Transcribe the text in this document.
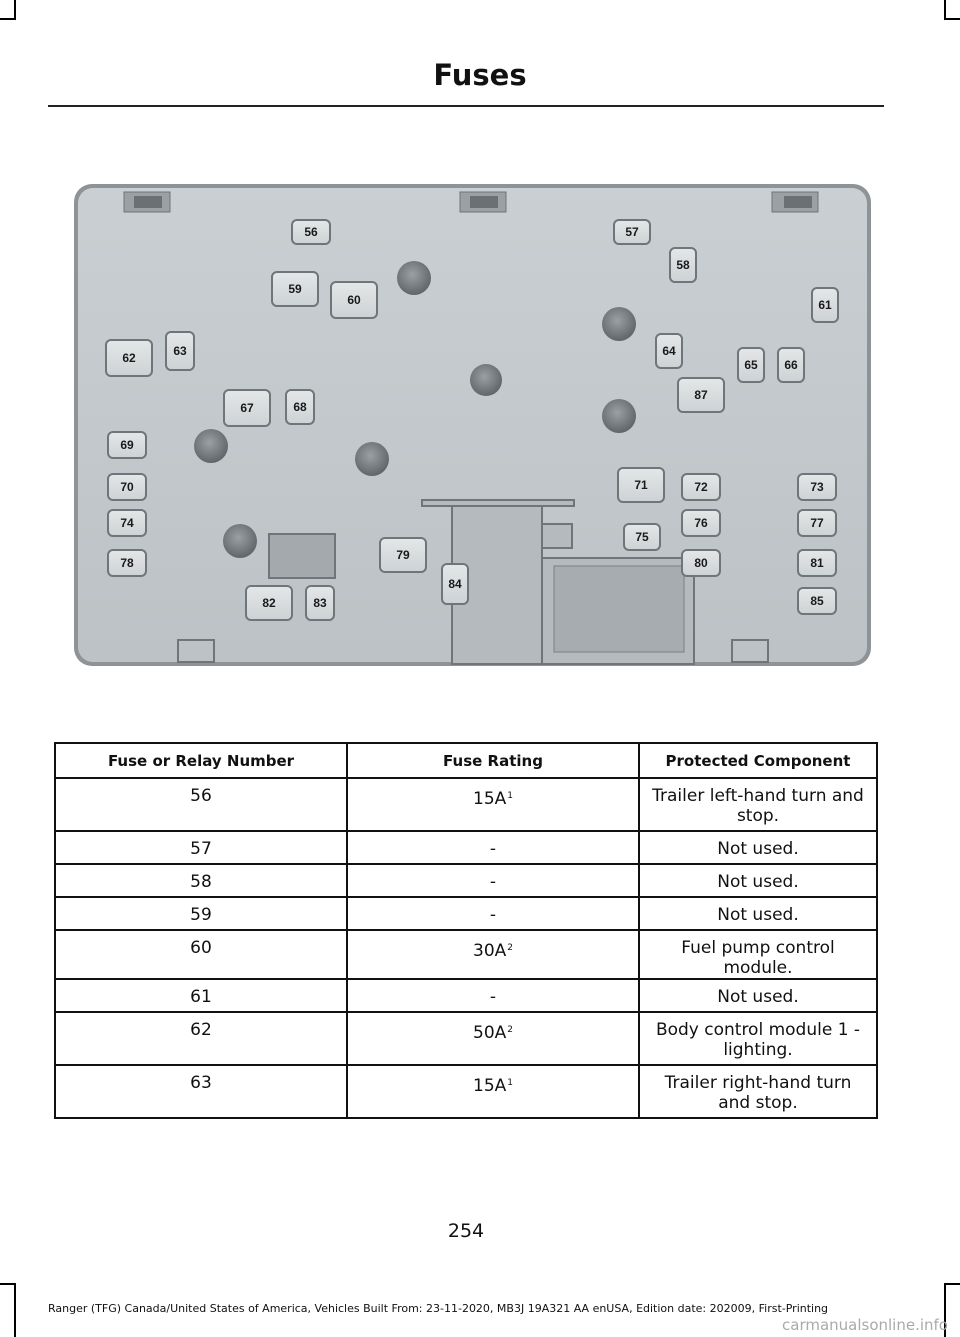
Fuses
56	57
58
59
60	61
62	63	64
65 66
67	68
69
70	71	72	73
74
75
76	77
78
79
80	81
82	83
84
85
87
Fuse or Relay Number	Fuse Rating	Protected Component
56	$15A^1$	Trailer left-hand turn and stop.
57	-	Not used.
58	-	Not used.
59	-	Not used.
60	$30A^2$	Fuel pump control module.
61	-	Not used.
62	$50A^2$	Body control module 1 - lighting.
63	$15A^1$	Trailer right-hand turn and stop.
254
Ranger (TFG) Canada/United States of America, Vehicles Built From: 23-11-2020, MB3J 19A321 AA enUSA, Edition date: 202009, First-Printing
carmanualsonline.info
